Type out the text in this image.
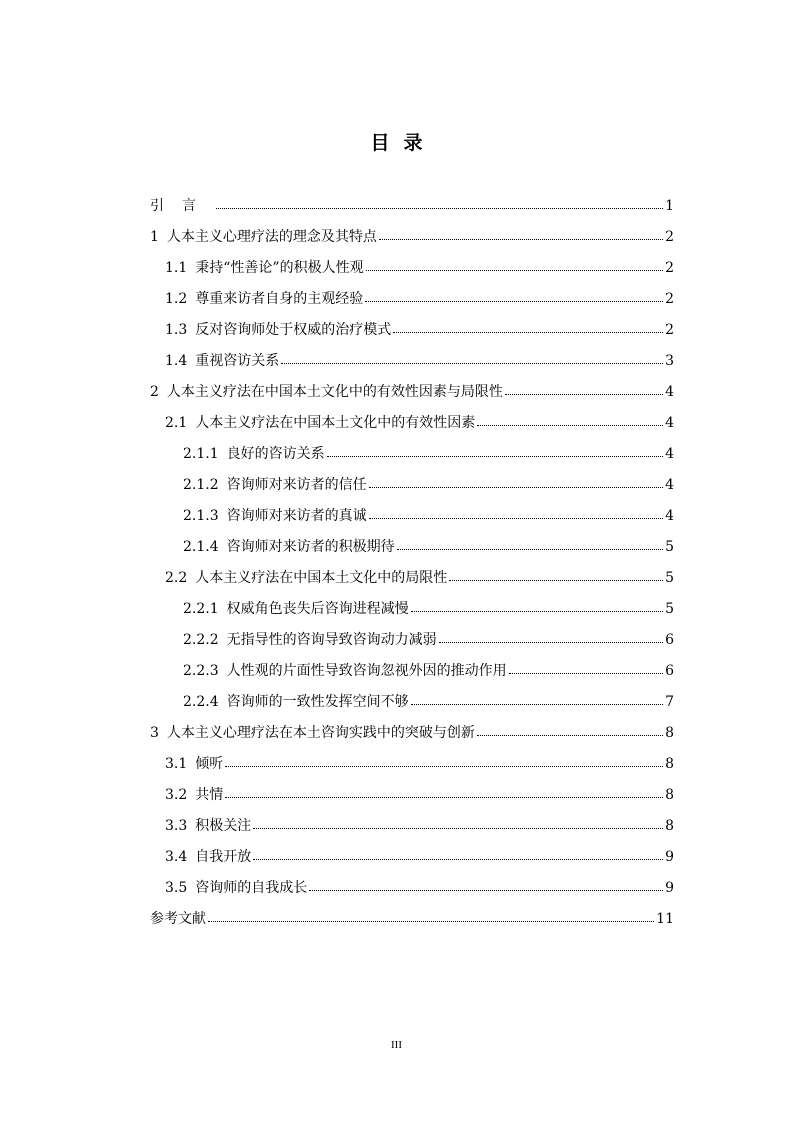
目录
引言	1
1 人本主义心理疗法的理念及其特点	2
1.1 秉持“性善论”的积极人性观	2
1.2 尊重来访者自身的主观经验	2
1.3 反对咨询师处于权威的治疗模式	2
1.4 重视咨访关系	3
2 人本主义疗法在中国本土文化中的有效性因素与局限性	4
2.1 人本主义疗法在中国本土文化中的有效性因素	4
2.1.1 良好的咨访关系	4
2.1.2 咨询师对来访者的信任	4
2.1.3 咨询师对来访者的真诚	4
2.1.4 咨询师对来访者的积极期待	5
2.2 人本主义疗法在中国本土文化中的局限性	5
2.2.1 权威角色丧失后咨询进程减慢	5
2.2.2 无指导性的咨询导致咨询动力减弱	6
2.2.3 人性观的片面性导致咨询忽视外因的推动作用	6
2.2.4 咨询师的一致性发挥空间不够	7
3 人本主义心理疗法在本土咨询实践中的突破与创新	8
3.1 倾听	8
3.2 共情	8
3.3 积极关注	8
3.4 自我开放	9
3.5 咨询师的自我成长	9
参考文献	11
III
